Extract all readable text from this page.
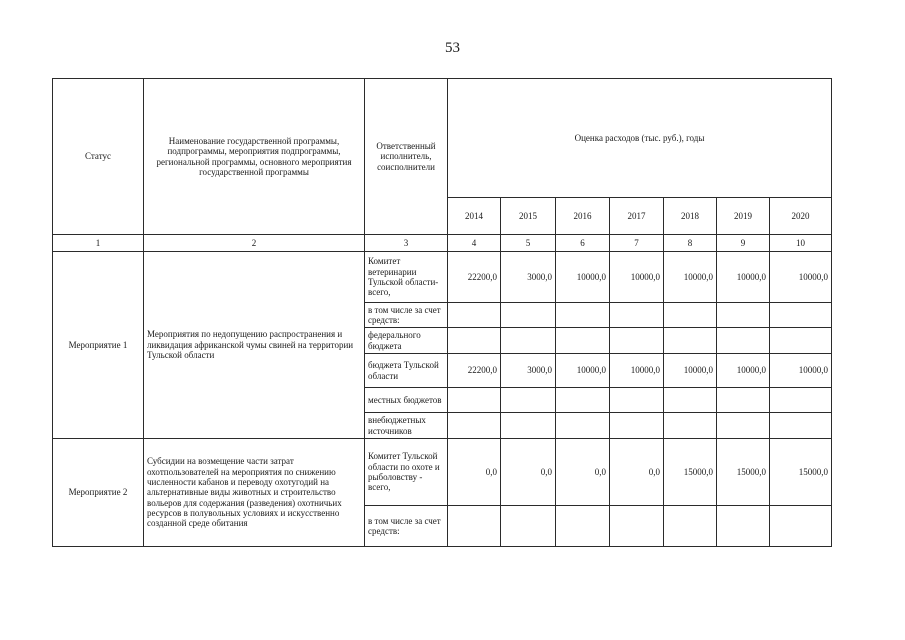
53
Статус	Наименование государственной программы, подпрограммы, мероприятия подпрограммы, региональной программы, основного мероприятия государственной программы	Ответственный исполнитель, соисполнители	Оценка расходов (тыс. руб.), годы						
			2014	2015	2016	2017	2018	2019	2020
1	2	3	4	5	6	7	8	9	10
Мероприятие 1	Мероприятия по недопущению распространения и ликвидация африканской чумы свиней на территории Тульской области	Комитет ветеринарии Тульской области- всего,	22200,0	3000,0	10000,0	10000,0	10000,0	10000,0	10000,0
		в том числе за счет средств:							
		федерального бюджета							
		бюджета Тульской области	22200,0	3000,0	10000,0	10000,0	10000,0	10000,0	10000,0
		местных бюджетов							
		внебюджетных источников							
Мероприятие 2	Субсидии на возмещение части затрат охотпользователей на мероприятия по снижению численности кабанов и переводу охотугодий на альтернативные виды животных и строительство вольеров для содержания (разведения) охотничьих ресурсов в полувольных условиях и искусственно созданной среде обитания	Комитет Тульской области по охоте и рыболовству - всего,	0,0	0,0	0,0	0,0	15000,0	15000,0	15000,0
		в том числе за счет средств:							
